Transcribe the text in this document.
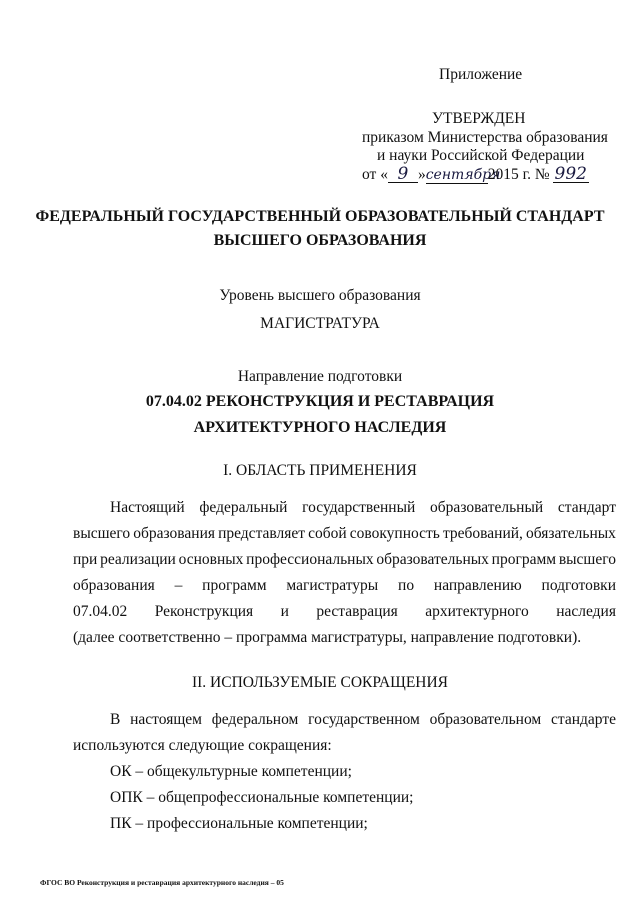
Приложение
УТВЕРЖДЕН
приказом Министерства образования
и науки Российской Федерации
от « 9 »сентября2015 г. № 992
ФЕДЕРАЛЬНЫЙ ГОСУДАРСТВЕННЫЙ ОБРАЗОВАТЕЛЬНЫЙ СТАНДАРТ
ВЫСШЕГО ОБРАЗОВАНИЯ
Уровень высшего образования
МАГИСТРАТУРА
Направление подготовки
07.04.02 РЕКОНСТРУКЦИЯ И РЕСТАВРАЦИЯ
АРХИТЕКТУРНОГО НАСЛЕДИЯ
I. ОБЛАСТЬ ПРИМЕНЕНИЯ
Настоящий федеральный государственный образовательный стандарт
высшего образования представляет собой совокупность требований, обязательных
при реализации основных профессиональных образовательных программ высшего
образования – программ магистратуры по направлению подготовки
07.04.02 Реконструкция и реставрация архитектурного наследия
(далее соответственно – программа магистратуры, направление подготовки).
II. ИСПОЛЬЗУЕМЫЕ СОКРАЩЕНИЯ
В настоящем федеральном государственном образовательном стандарте
используются следующие сокращения:
ОК – общекультурные компетенции;
ОПК – общепрофессиональные компетенции;
ПК – профессиональные компетенции;
ФГОС ВО Реконструкция и реставрация архитектурного наследия – 05
